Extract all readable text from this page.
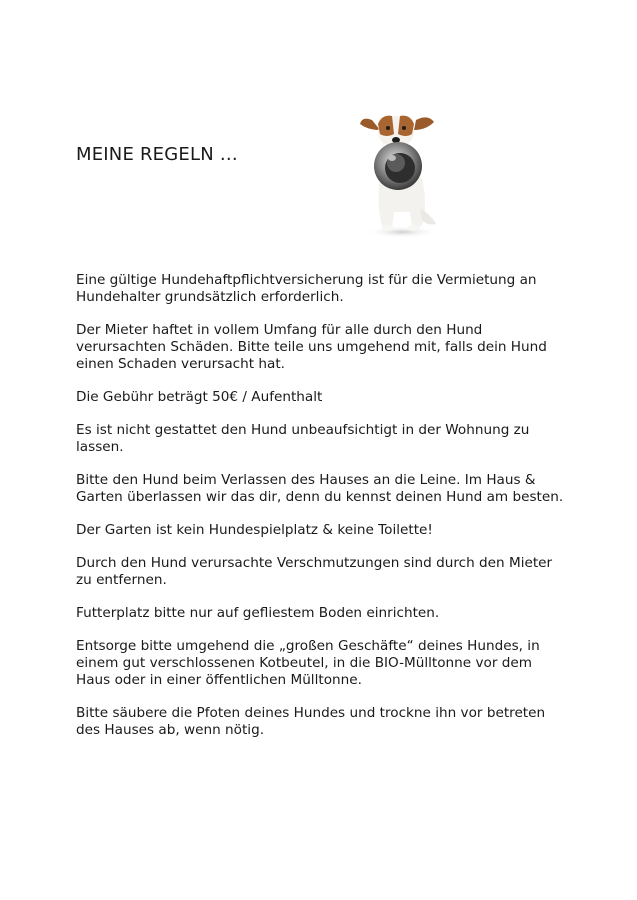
MEINE REGELN …

Eine gültige Hundehaftpflichtversicherung ist für die Vermietung an Hundehalter grundsätzlich erforderlich.

Der Mieter haftet in vollem Umfang für alle durch den Hund verursachten Schäden. Bitte teile uns umgehend mit, falls dein Hund einen Schaden verursacht hat.

Die Gebühr beträgt 50€ / Aufenthalt

Es ist nicht gestattet den Hund unbeaufsichtigt in der Wohnung zu lassen.

Bitte den Hund beim Verlassen des Hauses an die Leine. Im Haus & Garten überlassen wir das dir, denn du kennst deinen Hund am besten.

Der Garten ist kein Hundespielplatz & keine Toilette!

Durch den Hund verursachte Verschmutzungen sind durch den Mieter zu entfernen.

Futterplatz bitte nur auf gefliestem Boden einrichten.

Entsorge bitte umgehend die „großen Geschäfte“ deines Hundes, in einem gut verschlossenen Kotbeutel, in die BIO-Mülltonne vor dem Haus oder in einer öffentlichen Mülltonne.

Bitte säubere die Pfoten deines Hundes und trockne ihn vor betreten des Hauses ab, wenn nötig.
